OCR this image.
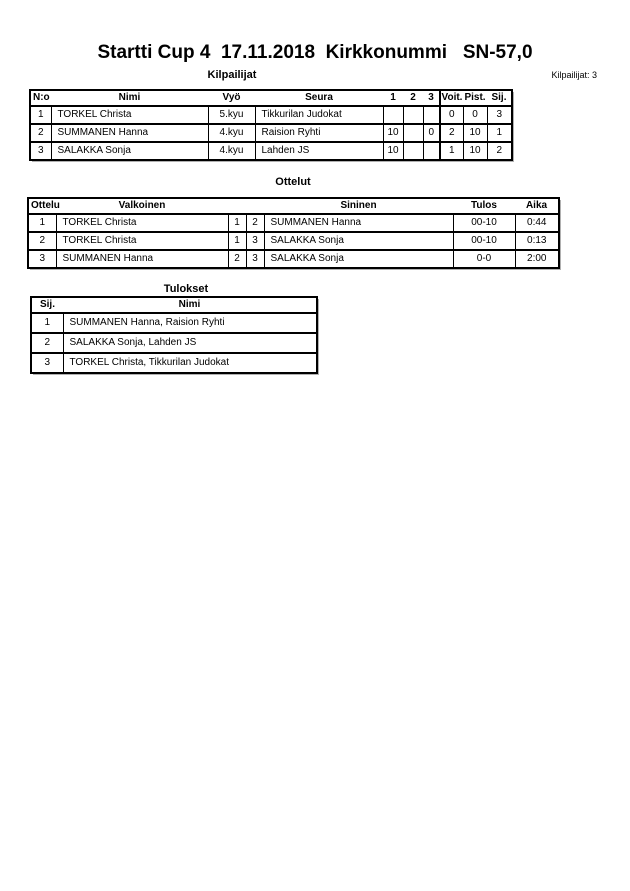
Startti Cup 4  17.11.2018  Kirkkonummi   SN-57,0
Kilpailijat	Kilpailijat: 3
N:o	Nimi	Vyö	Seura	1	2	3	Voit.	Pist.	Sij.
1	TORKEL Christa	5.kyu	Tikkurilan Judokat				0	0	3
2	SUMMANEN Hanna	4.kyu	Raision Ryhti	10		0	2	10	1
3	SALAKKA Sonja	4.kyu	Lahden JS	10			1	10	2
Ottelut
Ottelu	Valkoinen			Sininen	Tulos	Aika
1	TORKEL Christa	1	2	SUMMANEN Hanna	00-10	0:44
2	TORKEL Christa	1	3	SALAKKA Sonja	00-10	0:13
3	SUMMANEN Hanna	2	3	SALAKKA Sonja	0-0	2:00
Tulokset
Sij.	Nimi
1	SUMMANEN Hanna, Raision Ryhti
2	SALAKKA Sonja, Lahden JS
3	TORKEL Christa, Tikkurilan Judokat
